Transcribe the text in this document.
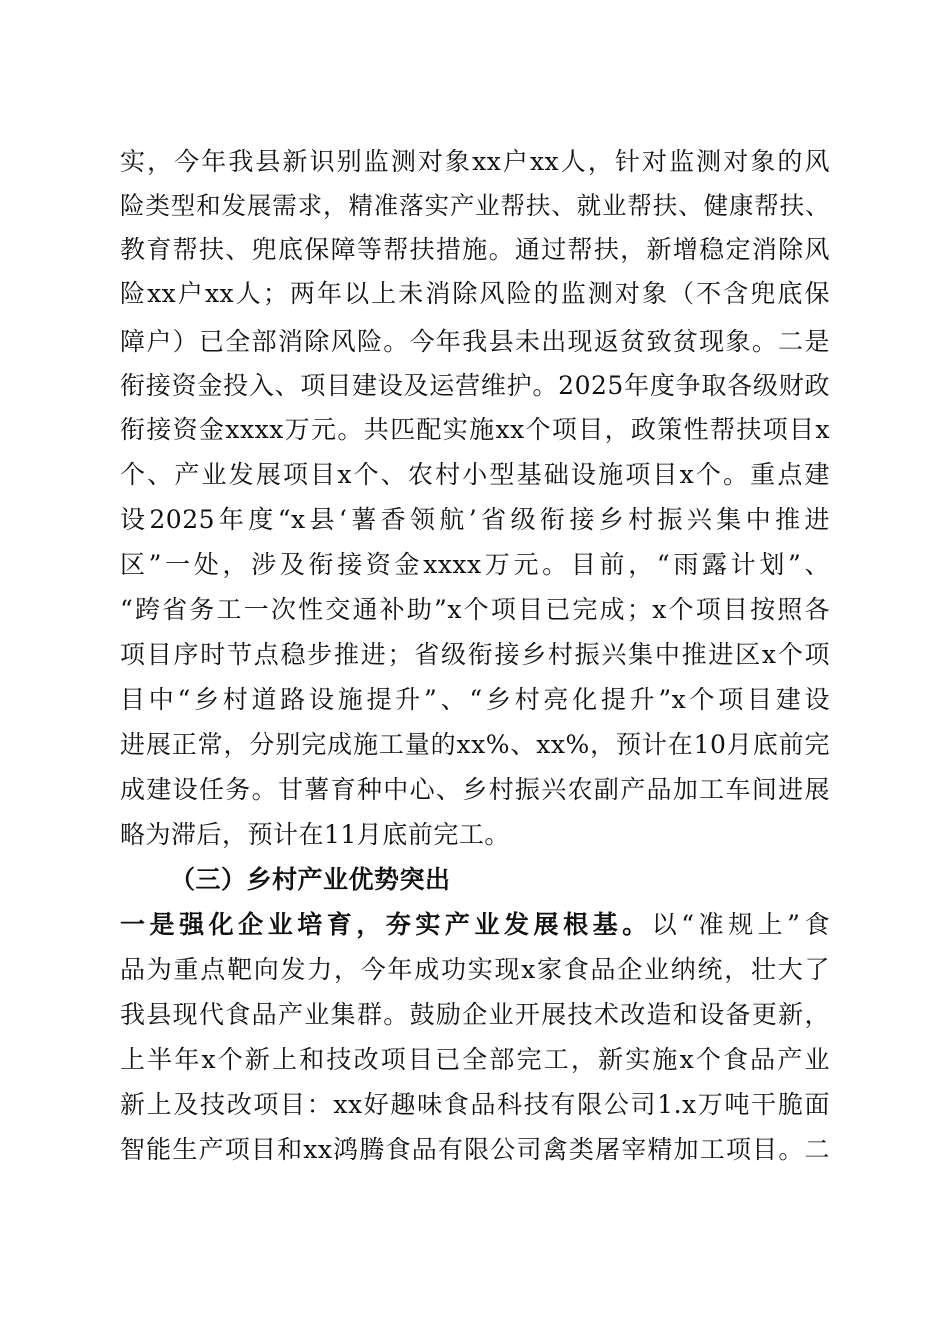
实，今年我县新识别监测对象xx户xx人，针对监测对象的风
险类型和发展需求，精准落实产业帮扶、就业帮扶、健康帮扶、
教育帮扶、兜底保障等帮扶措施。通过帮扶，新增稳定消除风
险xx户xx人；两年以上未消除风险的监测对象（不含兜底保
障户）已全部消除风险。今年我县未出现返贫致贫现象。二是
衔接资金投入、项目建设及运营维护。2025年度争取各级财政
衔接资金xxxx万元。共匹配实施xx个项目，政策性帮扶项目x
个、产业发展项目x个、农村小型基础设施项目x个。重点建
设2025年度“x县‘薯香领航’省级衔接乡村振兴集中推进
区”一处，涉及衔接资金xxxx万元。目前，“雨露计划”、
“跨省务工一次性交通补助”x个项目已完成；x个项目按照各
项目序时节点稳步推进；省级衔接乡村振兴集中推进区x个项
目中“乡村道路设施提升”、“乡村亮化提升”x个项目建设
进展正常，分别完成施工量的xx%、xx%，预计在10月底前完
成建设任务。甘薯育种中心、乡村振兴农副产品加工车间进展
略为滞后，预计在11月底前完工。
（三）乡村产业优势突出
一是强化企业培育，夯实产业发展根基。以“准规上”食
品为重点靶向发力，今年成功实现x家食品企业纳统，壮大了
我县现代食品产业集群。鼓励企业开展技术改造和设备更新，
上半年x个新上和技改项目已全部完工，新实施x个食品产业
新上及技改项目：xx好趣味食品科技有限公司1.x万吨干脆面
智能生产项目和xx鸿腾食品有限公司禽类屠宰精加工项目。二
